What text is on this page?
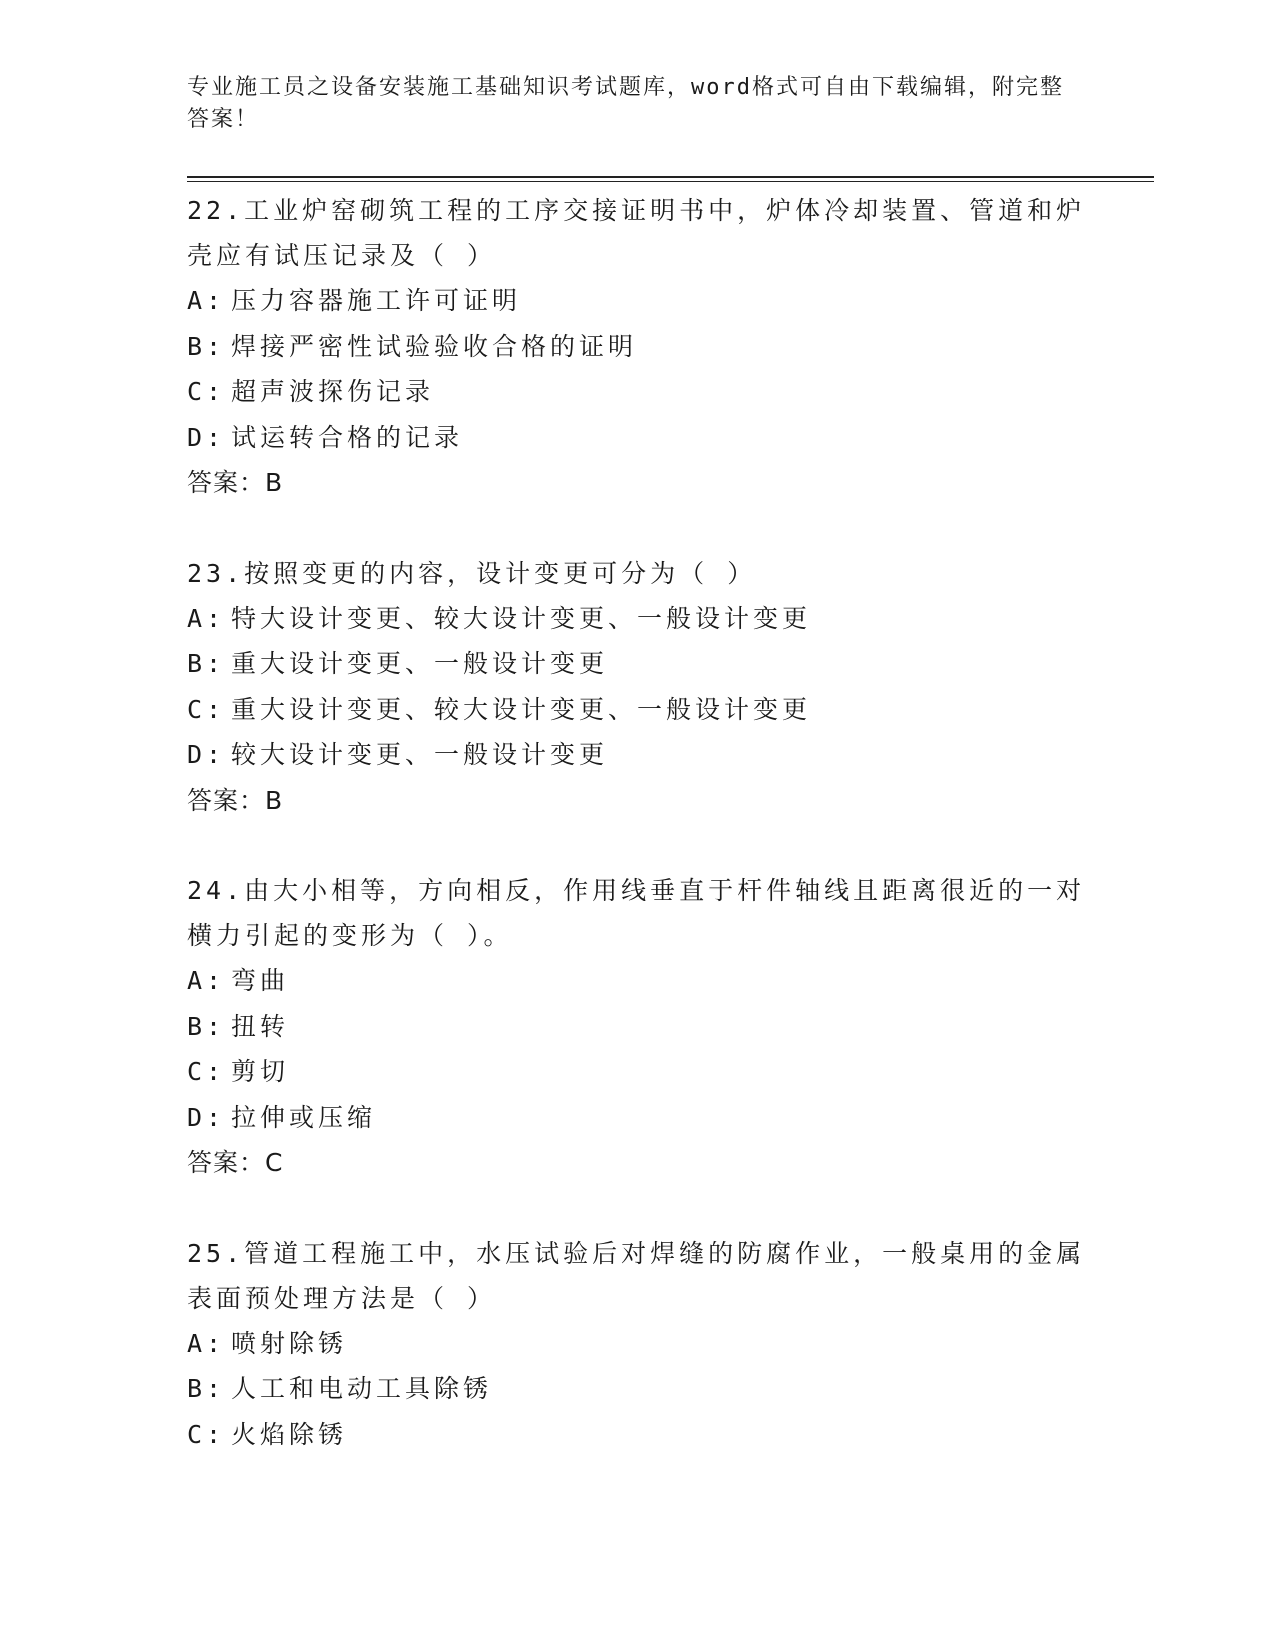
专业施工员之设备安装施工基础知识考试题库，word格式可自由下载编辑，附完整答案！

22.工业炉窑砌筑工程的工序交接证明书中，炉体冷却装置、管道和炉壳应有试压记录及（ ）

A: 压力容器施工许可证明

B: 焊接严密性试验验收合格的证明

C: 超声波探伤记录

D: 试运转合格的记录

答案：B

23.按照变更的内容，设计变更可分为（ ）

A: 特大设计变更、较大设计变更、一般设计变更

B: 重大设计变更、一般设计变更

C: 重大设计变更、较大设计变更、一般设计变更

D: 较大设计变更、一般设计变更

答案：B

24.由大小相等，方向相反，作用线垂直于杆件轴线且距离很近的一对横力引起的变形为（ ）。

A: 弯曲

B: 扭转

C: 剪切

D: 拉伸或压缩

答案：C

25.管道工程施工中，水压试验后对焊缝的防腐作业，一般桌用的金属表面预处理方法是（ ）

A: 喷射除锈

B: 人工和电动工具除锈

C: 火焰除锈
